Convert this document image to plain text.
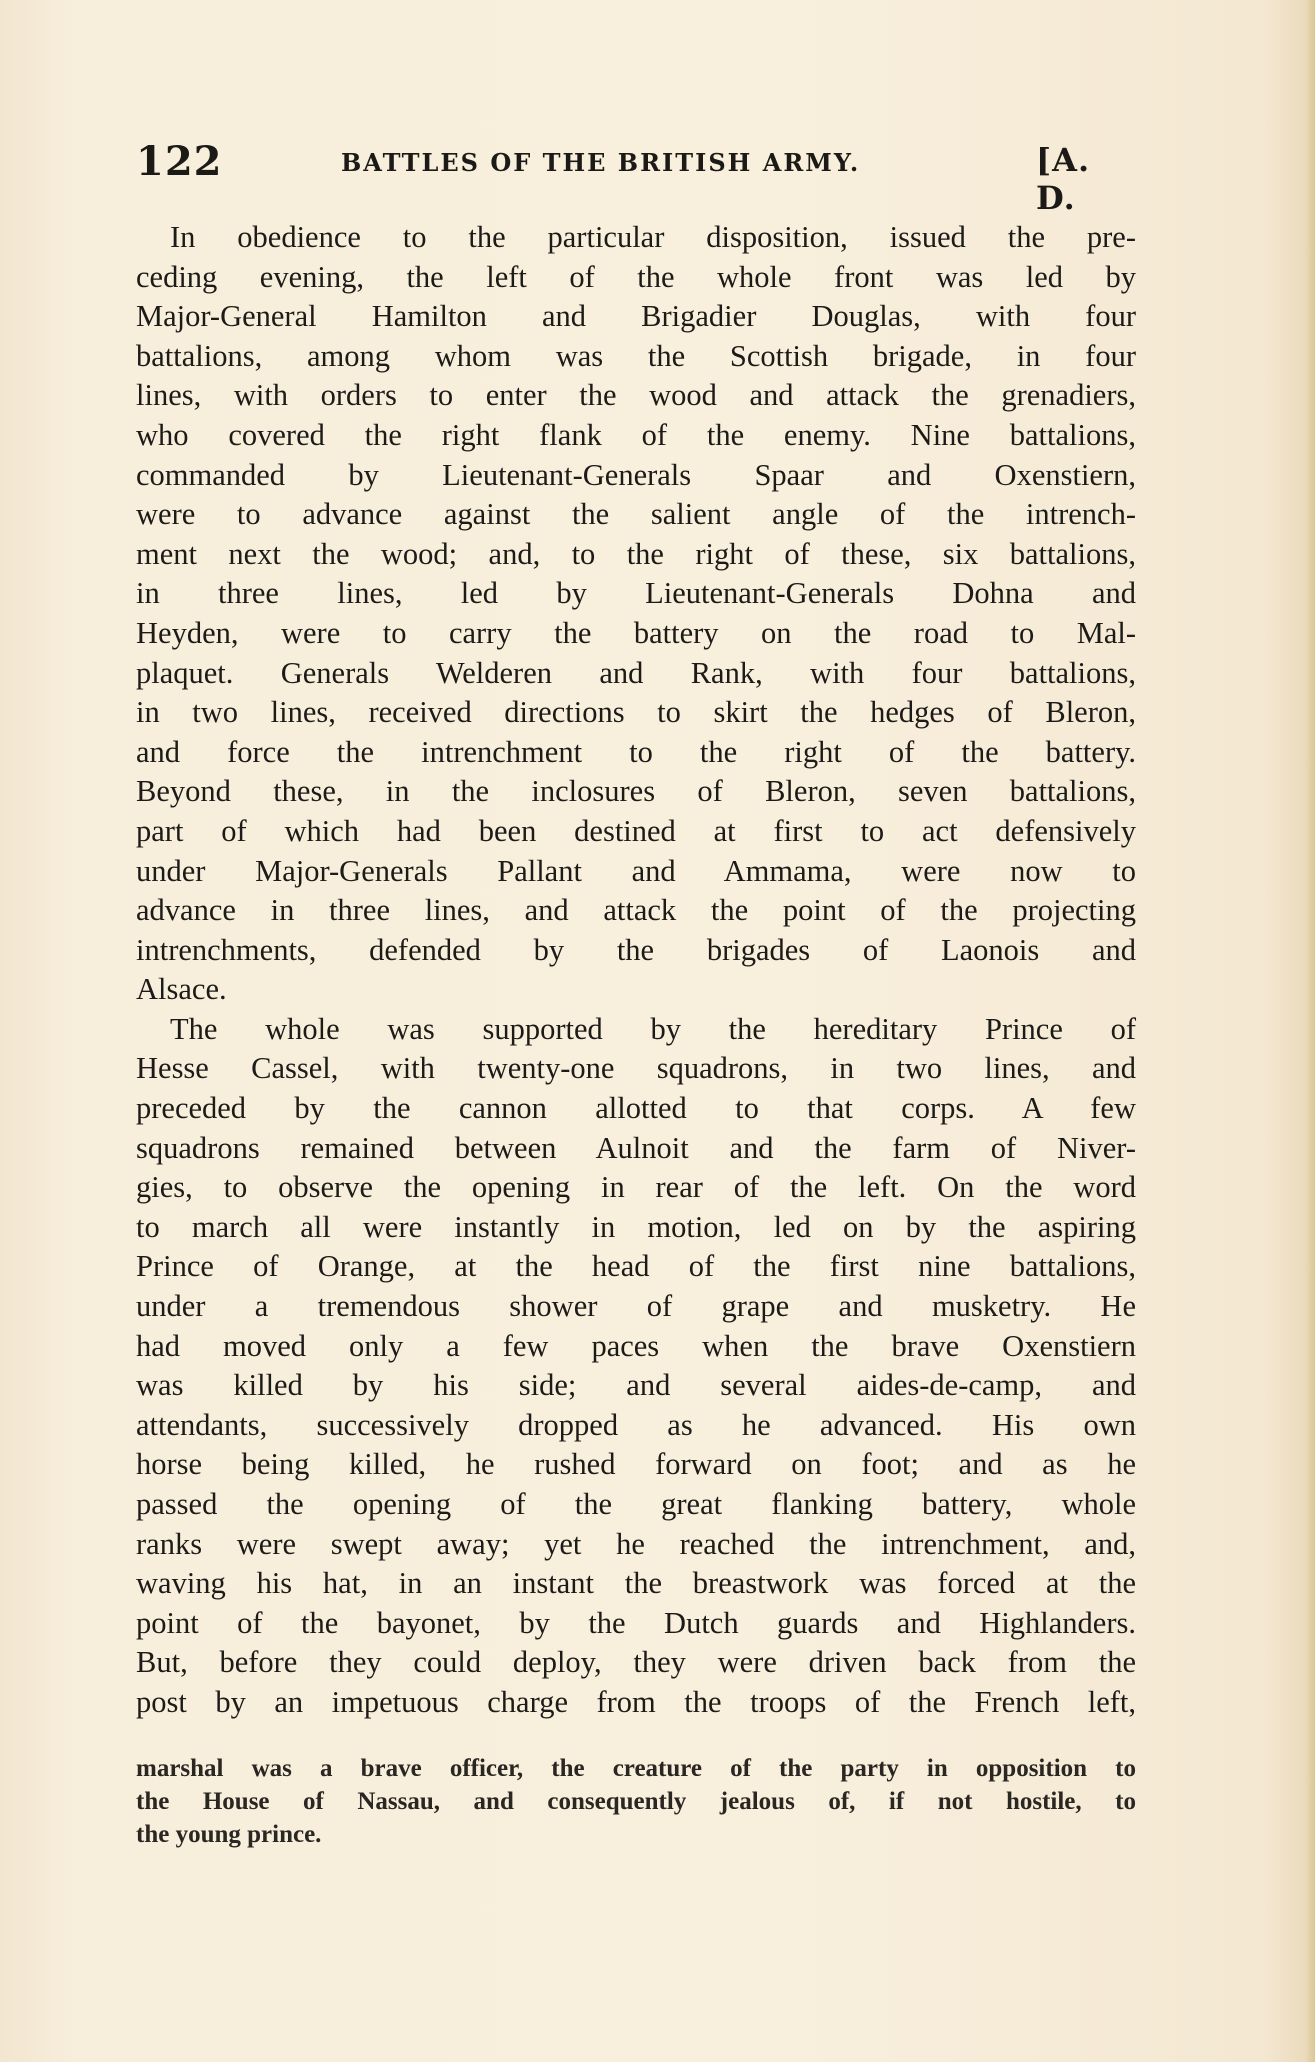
122	BATTLES OF THE BRITISH ARMY.	[A. D.
In obedience to the particular disposition, issued the pre-
ceding evening, the left of the whole front was led by
Major-General Hamilton and Brigadier Douglas, with four
battalions, among whom was the Scottish brigade, in four
lines, with orders to enter the wood and attack the grenadiers,
who covered the right flank of the enemy. Nine battalions,
commanded by Lieutenant-Generals Spaar and Oxenstiern,
were to advance against the salient angle of the intrench-
ment next the wood; and, to the right of these, six battalions,
in three lines, led by Lieutenant-Generals Dohna and
Heyden, were to carry the battery on the road to Mal-
plaquet. Generals Welderen and Rank, with four battalions,
in two lines, received directions to skirt the hedges of Bleron,
and force the intrenchment to the right of the battery.
Beyond these, in the inclosures of Bleron, seven battalions,
part of which had been destined at first to act defensively
under Major-Generals Pallant and Ammama, were now to
advance in three lines, and attack the point of the projecting
intrenchments, defended by the brigades of Laonois and
Alsace.
The whole was supported by the hereditary Prince of
Hesse Cassel, with twenty-one squadrons, in two lines, and
preceded by the cannon allotted to that corps. A few
squadrons remained between Aulnoit and the farm of Niver-
gies, to observe the opening in rear of the left. On the word
to march all were instantly in motion, led on by the aspiring
Prince of Orange, at the head of the first nine battalions,
under a tremendous shower of grape and musketry. He
had moved only a few paces when the brave Oxenstiern
was killed by his side; and several aides-de-camp, and
attendants, successively dropped as he advanced. His own
horse being killed, he rushed forward on foot; and as he
passed the opening of the great flanking battery, whole
ranks were swept away; yet he reached the intrenchment, and,
waving his hat, in an instant the breastwork was forced at the
point of the bayonet, by the Dutch guards and Highlanders.
But, before they could deploy, they were driven back from the
post by an impetuous charge from the troops of the French left,
marshal was a brave officer, the creature of the party in opposition to
the House of Nassau, and consequently jealous of, if not hostile, to
the young prince.
